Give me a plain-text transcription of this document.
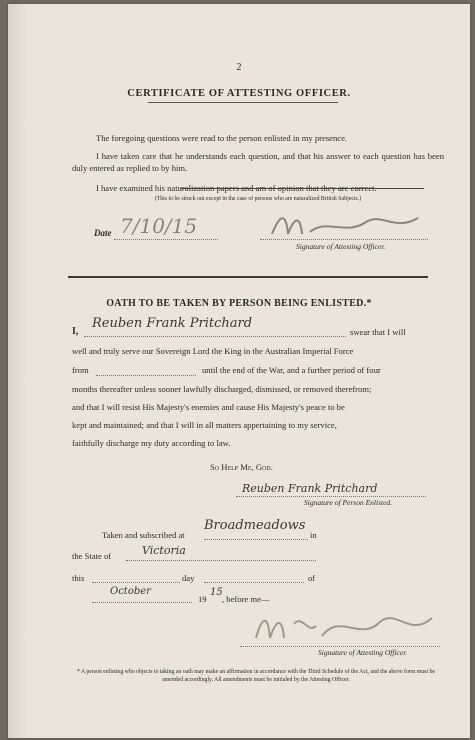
2
CERTIFICATE OF ATTESTING OFFICER.
The foregoing questions were read to the person enlisted in my presence.
I have taken care that he understands each question, and that his answer to each question has been duly entered as replied to by him.
I have examined his naturalization papers and am of opinion that they are correct.
(This to be struck out except in the case of persons who are naturalized British Subjects.)
Date 7/10/15
Signature of Attesting Officer.
OATH TO BE TAKEN BY PERSON BEING ENLISTED.*
I,
Reuben Frank Pritchard
swear that I will
well and truly serve our Sovereign Lord the King in the Australian Imperial Force
from	until the end of the War, and a further period of four
months thereafter unless sooner lawfully discharged, dismissed, or removed therefrom;
and that I will resist His Majesty's enemies and cause His Majesty's peace to be
kept and maintained; and that I will in all matters appertaining to my service,
faithfully discharge my duty according to law.
So Help Me, God.
Reuben Frank Pritchard
Signature of Person Enlisted.
Taken and subscribed at
Broadmeadows
in
the State of	Victoria
this	day	of
October
19
15
, before me—
Signature of Attesting Officer.
* A person enlisting who objects to taking an oath may make an affirmation in accordance with the Third Schedule of the Act, and the above form must be amended accordingly. All amendments must be initialed by the Attesting Officer.
